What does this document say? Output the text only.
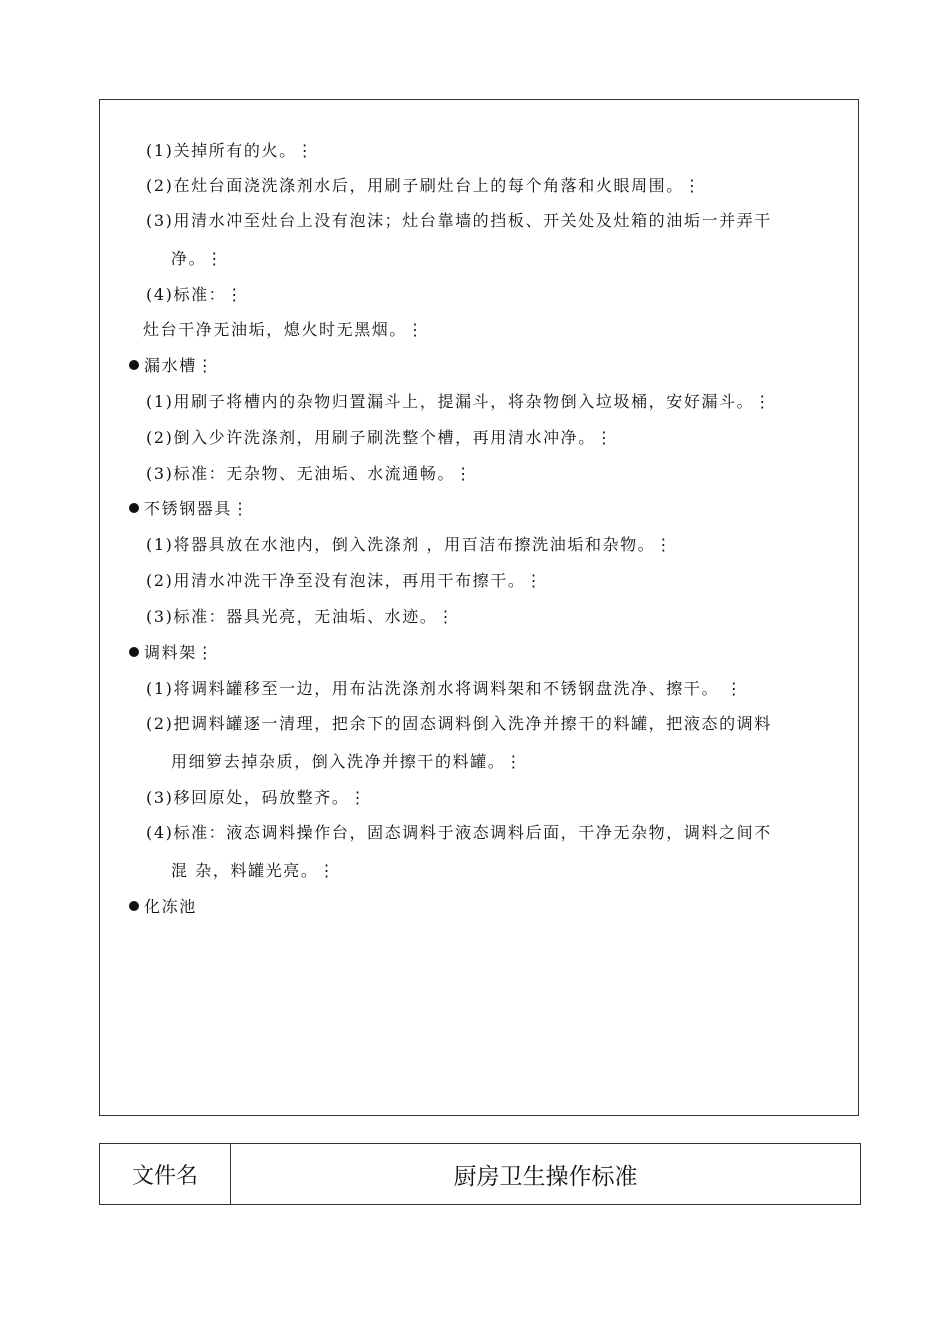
(1)关掉所有的火。⋮
(2)在灶台面浇洗涤剂水后，用刷子刷灶台上的每个角落和火眼周围。⋮
(3)用清水冲至灶台上没有泡沫；灶台靠墙的挡板、开关处及灶箱的油垢一并弄干
净。⋮
(4)标准：⋮
灶台干净无油垢，熄火时无黑烟。⋮
漏水槽⋮
(1)用刷子将槽内的杂物归置漏斗上，提漏斗，将杂物倒入垃圾桶，安好漏斗。⋮
(2)倒入少许洗涤剂，用刷子刷洗整个槽，再用清水冲净。⋮
(3)标准：无杂物、无油垢、水流通畅。⋮
不锈钢器具⋮
(1)将器具放在水池内，倒入洗涤剂 ，用百洁布擦洗油垢和杂物。⋮
(2)用清水冲洗干净至没有泡沫，再用干布擦干。⋮
(3)标准：器具光亮，无油垢、水迹。⋮
调料架⋮
(1)将调料罐移至一边，用布沾洗涤剂水将调料架和不锈钢盘洗净、擦干。 ⋮
(2)把调料罐逐一清理，把余下的固态调料倒入洗净并擦干的料罐，把液态的调料
用细箩去掉杂质，倒入洗净并擦干的料罐。⋮
(3)移回原处，码放整齐。⋮
(4)标准：液态调料操作台，固态调料于液态调料后面，干净无杂物，调料之间不
混 杂，料罐光亮。⋮
化冻池
文件名	厨房卫生操作标准
